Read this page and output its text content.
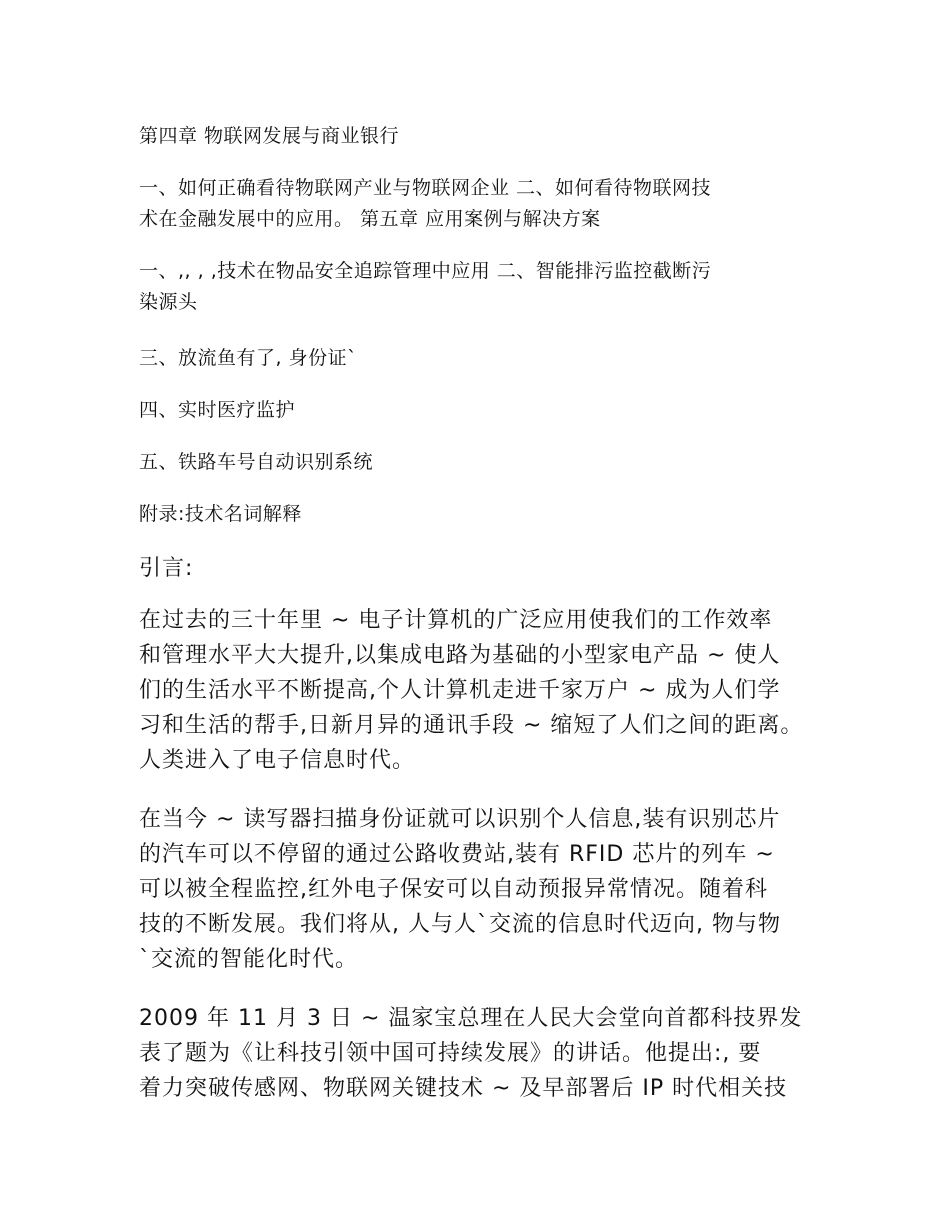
第四章 物联网发展与商业银行

一、如何正确看待物联网产业与物联网企业 二、如何看待物联网技

术在金融发展中的应用。 第五章 应用案例与解决方案

一、,, , ,技术在物品安全追踪管理中应用 二、智能排污监控截断污

染源头

三、放流鱼有了, 身份证`

四、实时医疗监护

五、铁路车号自动识别系统

附录:技术名词解释

引言:

在过去的三十年里 ~ 电子计算机的广泛应用使我们的工作效率

和管理水平大大提升,以集成电路为基础的小型家电产品 ~ 使人

们的生活水平不断提高,个人计算机走进千家万户 ~ 成为人们学

习和生活的帮手,日新月异的通讯手段 ~ 缩短了人们之间的距离。

人类进入了电子信息时代。

在当今 ~ 读写器扫描身份证就可以识别个人信息,装有识别芯片

的汽车可以不停留的通过公路收费站,装有 RFID 芯片的列车 ~

可以被全程监控,红外电子保安可以自动预报异常情况。随着科

技的不断发展。我们将从, 人与人`交流的信息时代迈向, 物与物

`交流的智能化时代。

2009 年 11 月 3 日 ~ 温家宝总理在人民大会堂向首都科技界发

表了题为《让科技引领中国可持续发展》的讲话。他提出:, 要

着力突破传感网、物联网关键技术 ~ 及早部署后 IP 时代相关技
